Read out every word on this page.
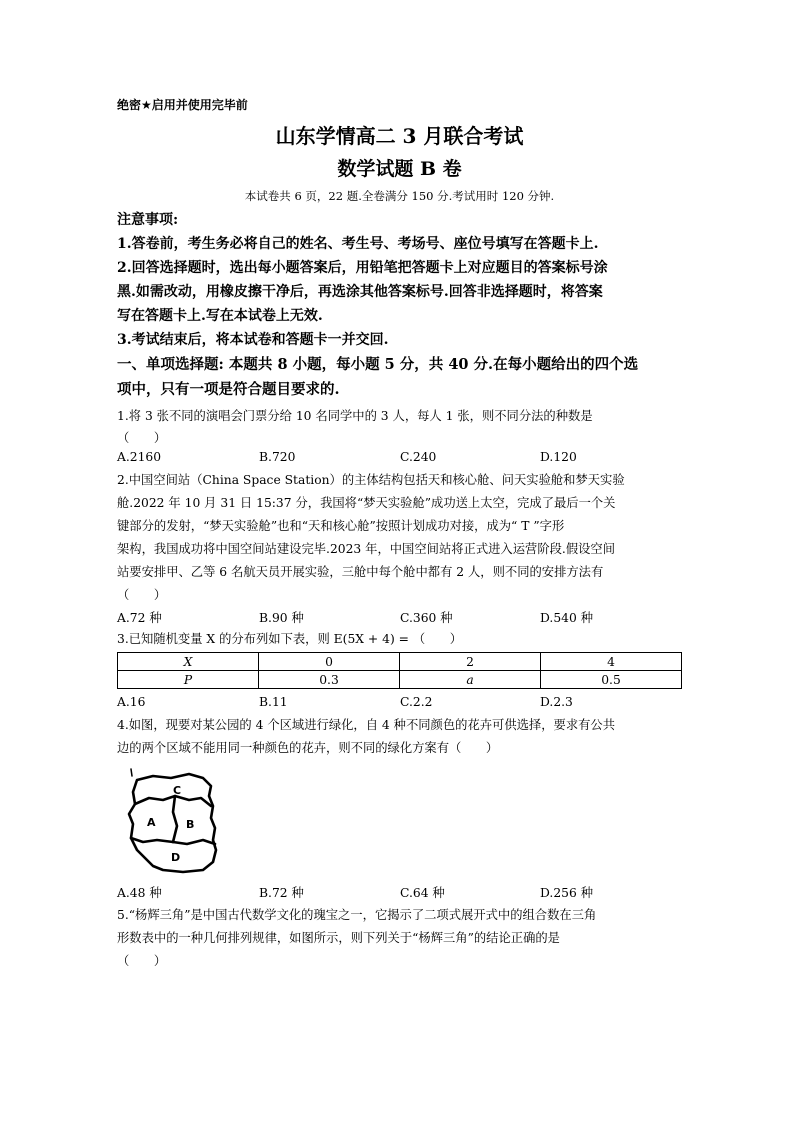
绝密★启用并使用完毕前
山东学情高二 3 月联合考试
数学试题 B 卷
本试卷共 6 页，22 题.全卷满分 150 分.考试用时 120 分钟.
注意事项:
1.答卷前，考生务必将自己的姓名、考生号、考场号、座位号填写在答题卡上.
2.回答选择题时，选出每小题答案后，用铅笔把答题卡上对应题目的答案标号涂
黑.如需改动，用橡皮擦干净后，再选涂其他答案标号.回答非选择题时，将答案
写在答题卡上.写在本试卷上无效.
3.考试结束后，将本试卷和答题卡一并交回.
一、单项选择题: 本题共 8 小题，每小题 5 分，共 40 分.在每小题给出的四个选
项中，只有一项是符合题目要求的.
1.将 3 张不同的演唱会门票分给 10 名同学中的 3 人，每人 1 张，则不同分法的种数是
（　　）
A.2160	B.720	C.240	D.120
2.中国空间站（China Space Station）的主体结构包括天和核心舱、问天实验舱和梦天实验
舱.2022 年 10 月 31 日 15:37 分，我国将“梦天实验舱”成功送上太空，完成了最后一个关
键部分的发射，“梦天实验舱”也和“天和核心舱”按照计划成功对接，成为“ T ”字形
架构，我国成功将中国空间站建设完毕.2023 年，中国空间站将正式进入运营阶段.假设空间
站要安排甲、乙等 6 名航天员开展实验，三舱中每个舱中都有 2 人，则不同的安排方法有
（　　）
A.72 种	B.90 种	C.360 种	D.540 种
3.已知随机变量 X 的分布列如下表，则 E(5X + 4) = （　　）
X	0	2	4
P	0.3	a	0.5
A.16	B.11	C.2.2	D.2.3
4.如图，现要对某公园的 4 个区域进行绿化，自 4 种不同颜色的花卉可供选择，要求有公共
边的两个区域不能用同一种颜色的花卉，则不同的绿化方案有（　　）
C
A	B
D
A.48 种	B.72 种	C.64 种	D.256 种
5.“杨辉三角”是中国古代数学文化的瑰宝之一，它揭示了二项式展开式中的组合数在三角
形数表中的一种几何排列规律，如图所示，则下列关于“杨辉三角”的结论正确的是
（　　）
